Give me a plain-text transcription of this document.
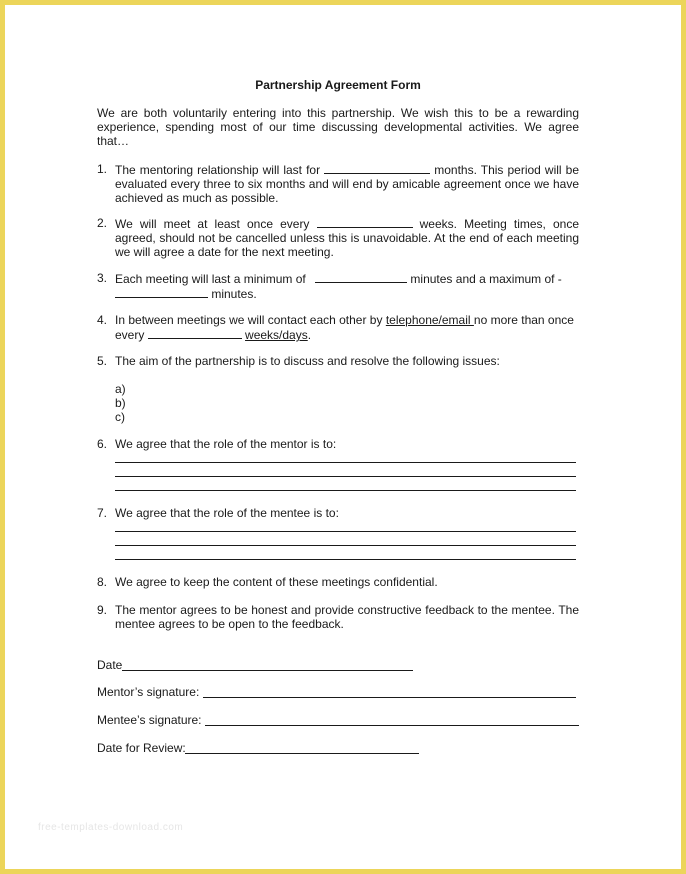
Partnership Agreement Form
We are both voluntarily entering into this partnership. We wish this to be a rewarding experience, spending most of our time discussing developmental activities. We agree that…
1. The mentoring relationship will last for	months. This period will be evaluated every three to six months and will end by amicable agreement once we have achieved as much as possible.
2. We will meet at least once every	weeks. Meeting times, once agreed, should not be cancelled unless this is unavoidable. At the end of each meeting we will agree a date for the next meeting.
3. Each meeting will last a minimum of	minutes and a maximum of -
minutes.
4. In between meetings we will contact each other by telephone/email no more than once every	weeks/days.
5. The aim of the partnership is to discuss and resolve the following issues:
a)
b)
c)
6. We agree that the role of the mentor is to:
7. We agree that the role of the mentee is to:
8. We agree to keep the content of these meetings confidential.
9. The mentor agrees to be honest and provide constructive feedback to the mentee. The mentee agrees to be open to the feedback.
Date
Mentor’s signature:
Mentee’s signature:
Date for Review:
free-templates-download.com
